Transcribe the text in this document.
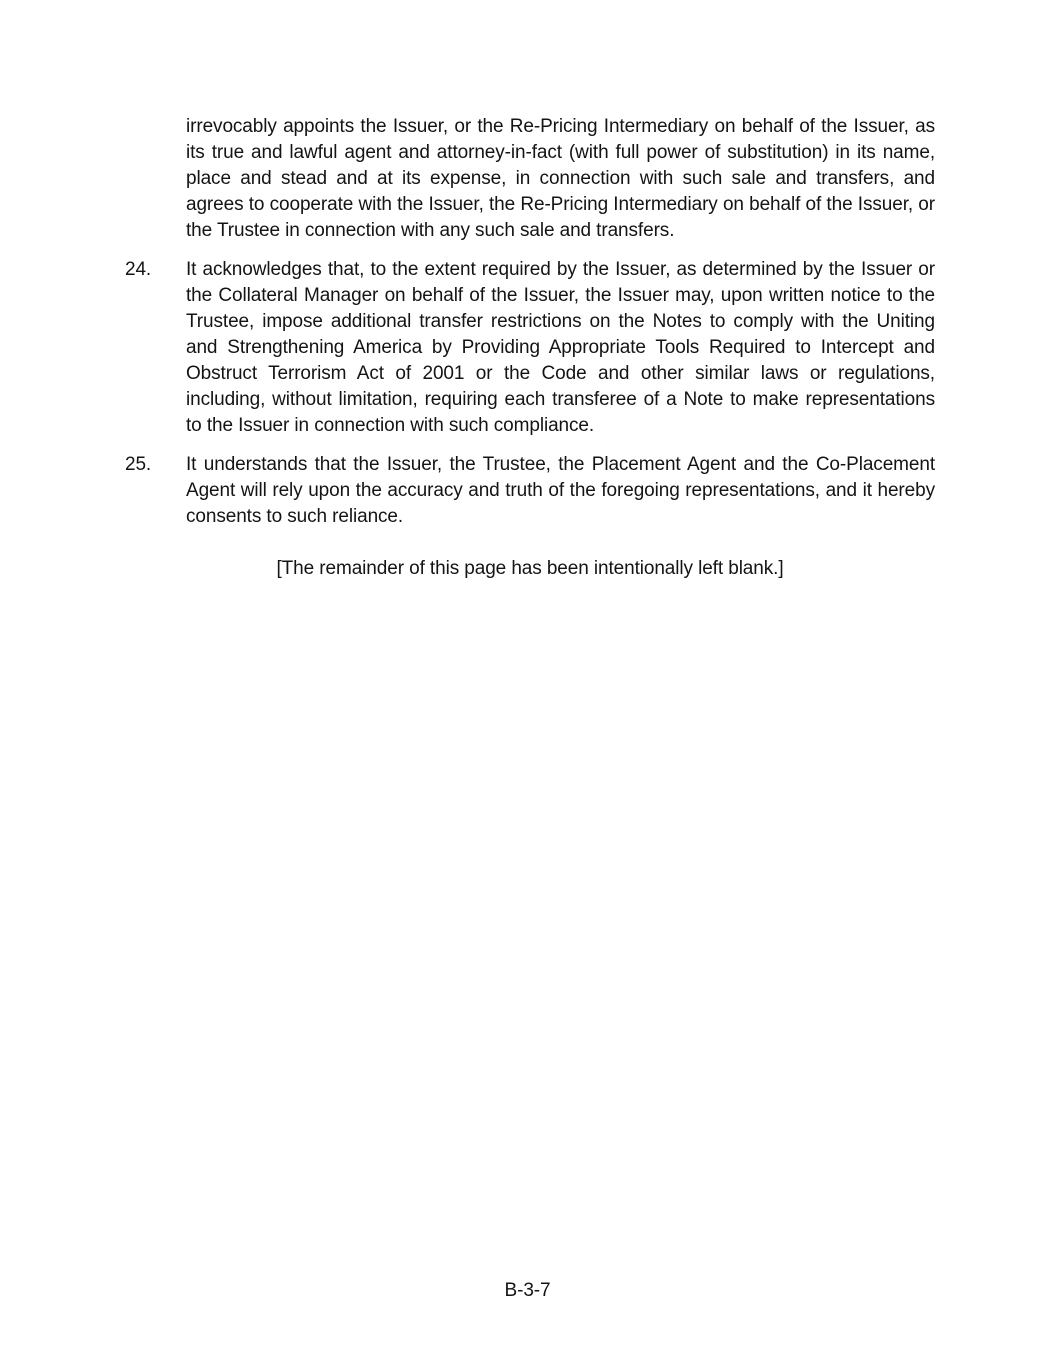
irrevocably appoints the Issuer, or the Re-Pricing Intermediary on behalf of the Issuer, as its true and lawful agent and attorney-in-fact (with full power of substitution) in its name, place and stead and at its expense, in connection with such sale and transfers, and agrees to cooperate with the Issuer, the Re-Pricing Intermediary on behalf of the Issuer, or the Trustee in connection with any such sale and transfers.
24.	It acknowledges that, to the extent required by the Issuer, as determined by the Issuer or the Collateral Manager on behalf of the Issuer, the Issuer may, upon written notice to the Trustee, impose additional transfer restrictions on the Notes to comply with the Uniting and Strengthening America by Providing Appropriate Tools Required to Intercept and Obstruct Terrorism Act of 2001 or the Code and other similar laws or regulations, including, without limitation, requiring each transferee of a Note to make representations to the Issuer in connection with such compliance.
25.	It understands that the Issuer, the Trustee, the Placement Agent and the Co-Placement Agent will rely upon the accuracy and truth of the foregoing representations, and it hereby consents to such reliance.
[The remainder of this page has been intentionally left blank.]
B-3-7
